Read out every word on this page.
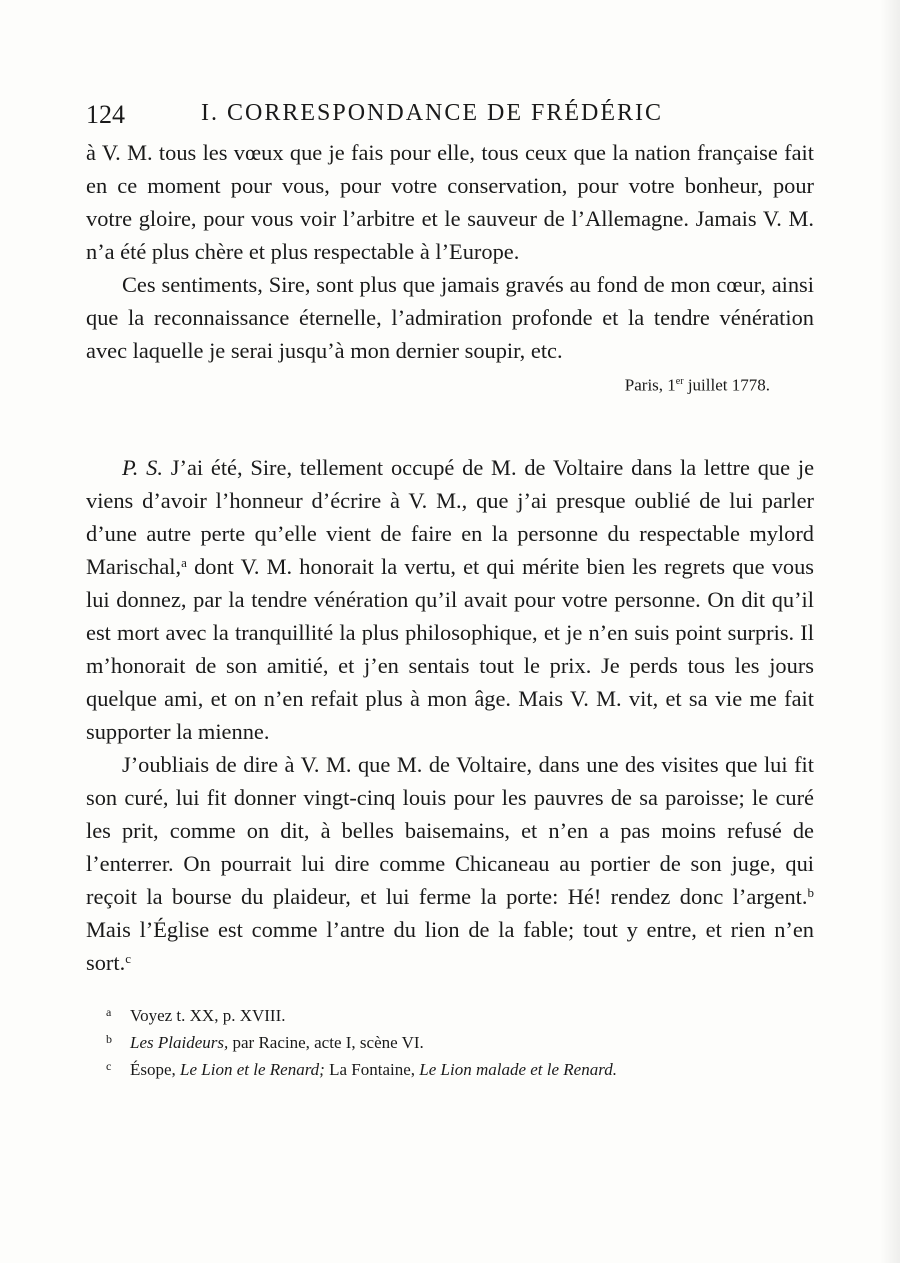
124	I. CORRESPONDANCE DE FRÉDÉRIC

à V. M. tous les vœux que je fais pour elle, tous ceux que la nation française fait en ce moment pour vous, pour votre conservation, pour votre bonheur, pour votre gloire, pour vous voir l’arbitre et le sauveur de l’Allemagne. Jamais V. M. n’a été plus chère et plus respectable à l’Europe.

Ces sentiments, Sire, sont plus que jamais gravés au fond de mon cœur, ainsi que la reconnaissance éternelle, l’admiration profonde et la tendre vénération avec laquelle je serai jusqu’à mon dernier soupir, etc.

Paris, 1er juillet 1778.

P. S. J’ai été, Sire, tellement occupé de M. de Voltaire dans la lettre que je viens d’avoir l’honneur d’écrire à V. M., que j’ai presque oublié de lui parler d’une autre perte qu’elle vient de faire en la personne du respectable mylord Marischal,$^a$ dont V. M. honorait la vertu, et qui mérite bien les regrets que vous lui donnez, par la tendre vénération qu’il avait pour votre personne. On dit qu’il est mort avec la tranquillité la plus philosophique, et je n’en suis point surpris. Il m’honorait de son amitié, et j’en sentais tout le prix. Je perds tous les jours quelque ami, et on n’en refait plus à mon âge. Mais V. M. vit, et sa vie me fait supporter la mienne.

J’oubliais de dire à V. M. que M. de Voltaire, dans une des visites que lui fit son curé, lui fit donner vingt-cinq louis pour les pauvres de sa paroisse; le curé les prit, comme on dit, à belles baisemains, et n’en a pas moins refusé de l’enterrer. On pourrait lui dire comme Chicaneau au portier de son juge, qui reçoit la bourse du plaideur, et lui ferme la porte: Hé! rendez donc l’argent.$^b$ Mais l’Église est comme l’antre du lion de la fable; tout y entre, et rien n’en sort.$^c$

a	Voyez t. XX, p. XVIII.
b	Les Plaideurs, par Racine, acte I, scène VI.
c	Ésope, Le Lion et le Renard; La Fontaine, Le Lion malade et le Renard.
